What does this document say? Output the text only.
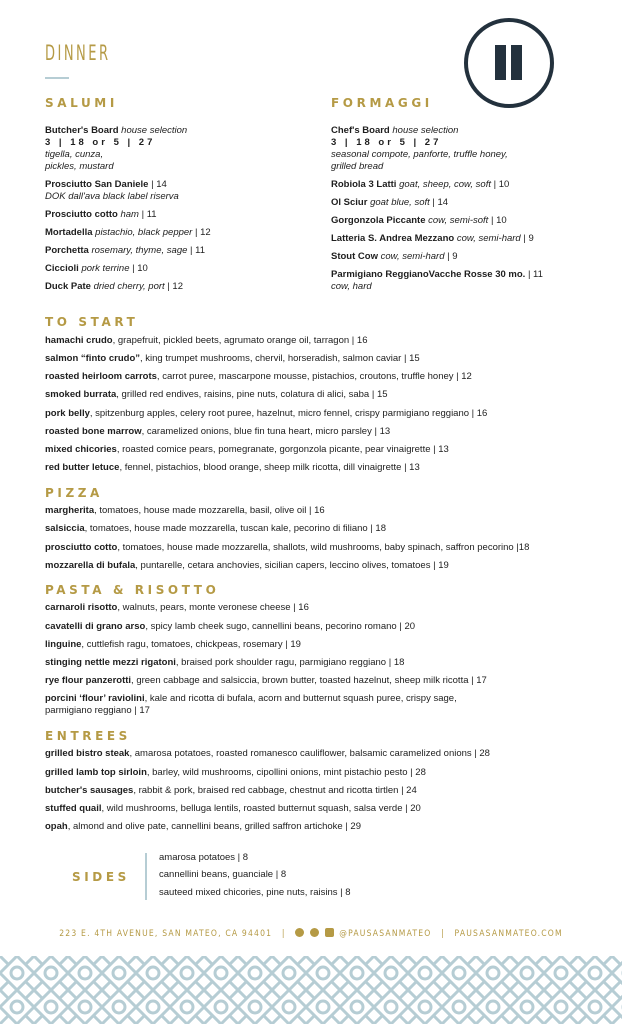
DINNER
SALUMI
Butcher's Board house selection
3 | 18 or 5 | 27
tigella, cunza,
pickles, mustard
Prosciutto San Daniele | 14
DOK dall'ava black label riserva
Prosciutto cotto ham | 11
Mortadella pistachio, black pepper | 12
Porchetta rosemary, thyme, sage | 11
Ciccioli pork terrine | 10
Duck Pate dried cherry, port | 12
FORMAGGI
Chef's Board house selection
3 | 18 or 5 | 27
seasonal compote, panforte, truffle honey,
grilled bread
Robiola 3 Latti goat, sheep, cow, soft | 10
Ol Sciur goat blue, soft | 14
Gorgonzola Piccante cow, semi-soft | 10
Latteria S. Andrea Mezzano cow, semi-hard | 9
Stout Cow cow, semi-hard | 9
Parmigiano ReggianoVacche Rosse 30 mo. | 11
cow, hard
TO START
hamachi crudo, grapefruit, pickled beets, agrumato orange oil, tarragon | 16
salmon “finto crudo”, king trumpet mushrooms, chervil, horseradish, salmon caviar | 15
roasted heirloom carrots, carrot puree, mascarpone mousse, pistachios, croutons, truffle honey | 12
smoked burrata, grilled red endives, raisins, pine nuts, colatura di alici, saba | 15
pork belly, spitzenburg apples, celery root puree, hazelnut, micro fennel, crispy parmigiano reggiano | 16
roasted bone marrow, caramelized onions, blue fin tuna heart, micro parsley | 13
mixed chicories, roasted comice pears, pomegranate, gorgonzola picante, pear vinaigrette | 13
red butter letuce, fennel, pistachios, blood orange, sheep milk ricotta, dill vinaigrette | 13
PIZZA
margherita, tomatoes, house made mozzarella, basil, olive oil | 16
salsiccia, tomatoes, house made mozzarella, tuscan kale, pecorino di filiano | 18
prosciutto cotto, tomatoes, house made mozzarella, shallots, wild mushrooms, baby spinach, saffron pecorino |18
mozzarella di bufala, puntarelle, cetara anchovies, sicilian capers, leccino olives, tomatoes | 19
PASTA & RISOTTO
carnaroli risotto, walnuts, pears, monte veronese cheese | 16
cavatelli di grano arso, spicy lamb cheek sugo, cannellini beans, pecorino romano | 20
linguine, cuttlefish ragu, tomatoes, chickpeas, rosemary | 19
stinging nettle mezzi rigatoni, braised pork shoulder ragu, parmigiano reggiano | 18
rye flour panzerotti, green cabbage and salsiccia, brown butter, toasted hazelnut, sheep milk ricotta | 17
porcini ‘flour’ raviolini, kale and ricotta di bufala, acorn and butternut squash puree, crispy sage,
parmigiano reggiano | 17
ENTREES
grilled bistro steak, amarosa potatoes, roasted romanesco cauliflower, balsamic caramelized onions | 28
grilled lamb top sirloin, barley, wild mushrooms, cipollini onions, mint pistachio pesto | 28
butcher's sausages, rabbit & pork, braised red cabbage, chestnut and ricotta tirtlen | 24
stuffed quail, wild mushrooms, belluga lentils, roasted butternut squash, salsa verde | 20
opah, almond and olive pate, cannellini beans, grilled saffron artichoke | 29
SIDES
amarosa potatoes | 8
cannellini beans, guanciale | 8
sauteed mixed chicories, pine nuts, raisins | 8
223 E. 4TH AVENUE, SAN MATEO, CA 94401 |	@PAUSASANMATEO | PAUSASANMATEO.COM
